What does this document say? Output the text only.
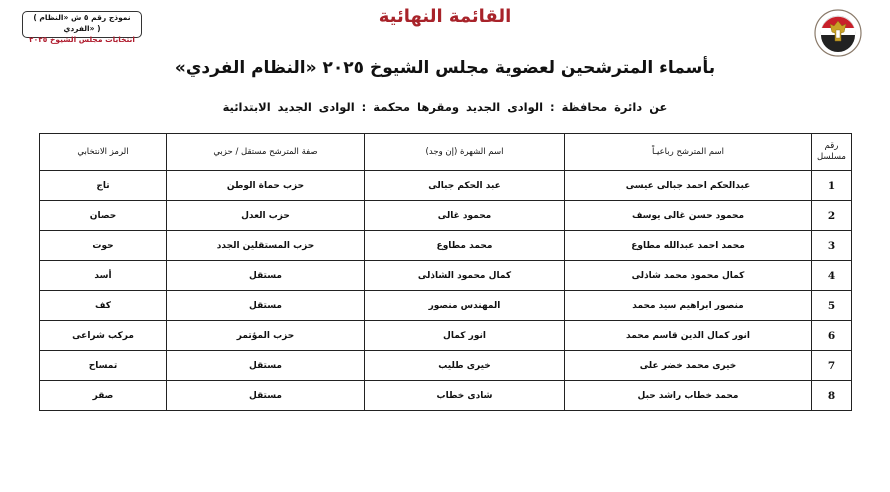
( نموذج رقم ٥ ش «النظام الفردي» )
انتخابات مجلس الشيوخ ٢٠٢٥
القائمة النهائية
بأسماء المترشحين لعضوية مجلس الشيوخ ٢٠٢٥ «النظام الفردي»
عن دائرة محافظة : الوادى الجديد ومقرها محكمة : الوادى الجديد الابتدائية
رقم مسلسل	اسم المترشح رباعيـاً	اسم الشهرة (إن وجد)	صفة المترشح مستقل / حزبي	الرمز الانتخابي
1	عبدالحكم احمد جبالى عيسى	عبد الحكم جبالى	حزب حماة الوطن	تاج
2	محمود حسن غالى يوسف	محمود غالى	حزب العدل	حصان
3	محمد احمد عبدالله مطاوع	محمد مطاوع	حزب المستقلين الجدد	حوت
4	كمال محمود محمد شاذلى	كمال محمود الشاذلى	مستقل	أسد
5	منصور ابراهيم سيد محمد	المهندس منصور	مستقل	كف
6	انور كمال الدين قاسم محمد	انور كمال	حزب المؤتمر	مركب شراعى
7	خيرى محمد خضر على	خيرى طليب	مستقل	تمساح
8	محمد خطاب راشد حبل	شادى خطاب	مستقل	صقر
